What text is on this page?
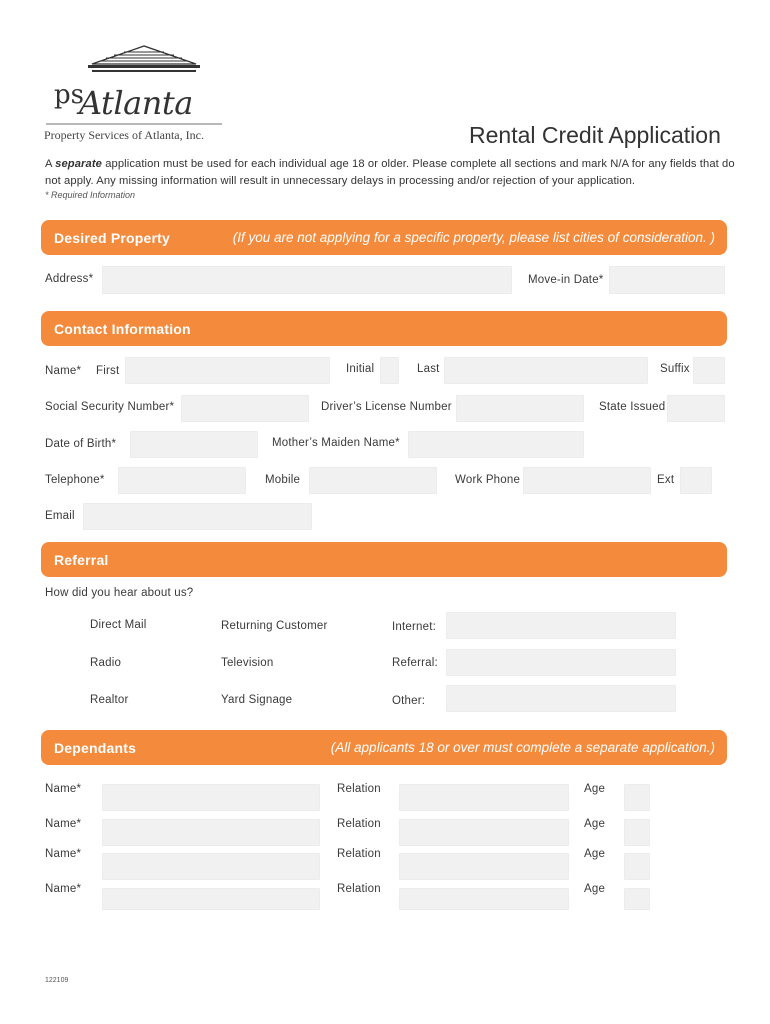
ps
Atlanta
Property Services of Atlanta, Inc.	Rental Credit Application
A separate application must be used for each individual age 18 or older. Please complete all sections and mark N/A for any fields that do not apply. Any missing information will result in unnecessary delays in processing and/or rejection of your application.
* Required Information
Desired Property	(If you are not applying for a specific property, please list cities of consideration. )
Address*	Move-in Date*
Contact Information
Name* First	Initial	Last	Suffix
Social Security Number*	Driver’s License Number	State Issued
Date of Birth*	Mother’s Maiden Name*
Telephone*	Mobile	Work Phone	Ext
Email
Referral
How did you hear about us?
Direct Mail	Returning Customer	Internet:
Radio	Television	Referral:
Realtor	Yard Signage	Other:
Dependants	(All applicants 18 or over must complete a separate application.)
Name*	Relation	Age
Name*	Relation	Age
Name*	Relation	Age
Name*	Relation	Age
122109
